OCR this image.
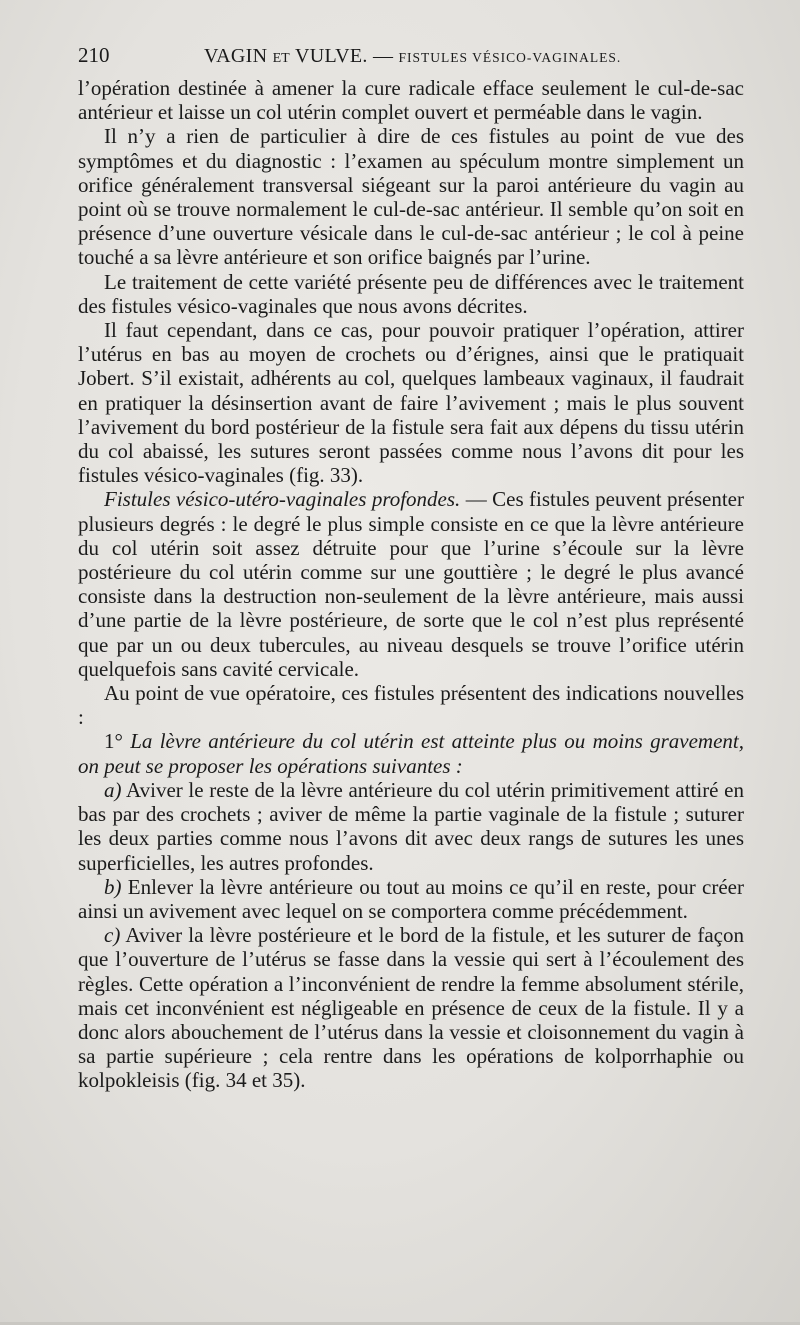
210	VAGIN ET VULVE. — FISTULES VÉSICO-VAGINALES.

l’opération destinée à amener la cure radicale efface seulement le cul-de-sac antérieur et laisse un col utérin complet ouvert et perméable dans le vagin.

Il n’y a rien de particulier à dire de ces fistules au point de vue des symptômes et du diagnostic : l’examen au spéculum montre simplement un orifice généralement transversal siégeant sur la paroi antérieure du vagin au point où se trouve normalement le cul-de-sac antérieur. Il semble qu’on soit en présence d’une ouverture vésicale dans le cul-de-sac antérieur ; le col à peine touché a sa lèvre antérieure et son orifice baignés par l’urine.

Le traitement de cette variété présente peu de différences avec le traitement des fistules vésico-vaginales que nous avons décrites.

Il faut cependant, dans ce cas, pour pouvoir pratiquer l’opération, attirer l’utérus en bas au moyen de crochets ou d’érignes, ainsi que le pratiquait Jobert. S’il existait, adhérents au col, quelques lambeaux vaginaux, il faudrait en pratiquer la désinsertion avant de faire l’avivement ; mais le plus souvent l’avivement du bord postérieur de la fistule sera fait aux dépens du tissu utérin du col abaissé, les sutures seront passées comme nous l’avons dit pour les fistules vésico-vaginales (fig. 33).

Fistules vésico-utéro-vaginales profondes. — Ces fistules peuvent présenter plusieurs degrés : le degré le plus simple consiste en ce que la lèvre antérieure du col utérin soit assez détruite pour que l’urine s’écoule sur la lèvre postérieure du col utérin comme sur une gouttière ; le degré le plus avancé consiste dans la destruction non-seulement de la lèvre antérieure, mais aussi d’une partie de la lèvre postérieure, de sorte que le col n’est plus représenté que par un ou deux tubercules, au niveau desquels se trouve l’orifice utérin quelquefois sans cavité cervicale.

Au point de vue opératoire, ces fistules présentent des indications nouvelles :

1° La lèvre antérieure du col utérin est atteinte plus ou moins gravement, on peut se proposer les opérations suivantes :

a) Aviver le reste de la lèvre antérieure du col utérin primitivement attiré en bas par des crochets ; aviver de même la partie vaginale de la fistule ; suturer les deux parties comme nous l’avons dit avec deux rangs de sutures les unes superficielles, les autres profondes.

b) Enlever la lèvre antérieure ou tout au moins ce qu’il en reste, pour créer ainsi un avivement avec lequel on se comportera comme précédemment.

c) Aviver la lèvre postérieure et le bord de la fistule, et les suturer de façon que l’ouverture de l’utérus se fasse dans la vessie qui sert à l’écoulement des règles. Cette opération a l’inconvénient de rendre la femme absolument stérile, mais cet inconvénient est négligeable en présence de ceux de la fistule. Il y a donc alors abouchement de l’utérus dans la vessie et cloisonnement du vagin à sa partie supérieure ; cela rentre dans les opérations de kolporrhaphie ou kolpokleisis (fig. 34 et 35).
